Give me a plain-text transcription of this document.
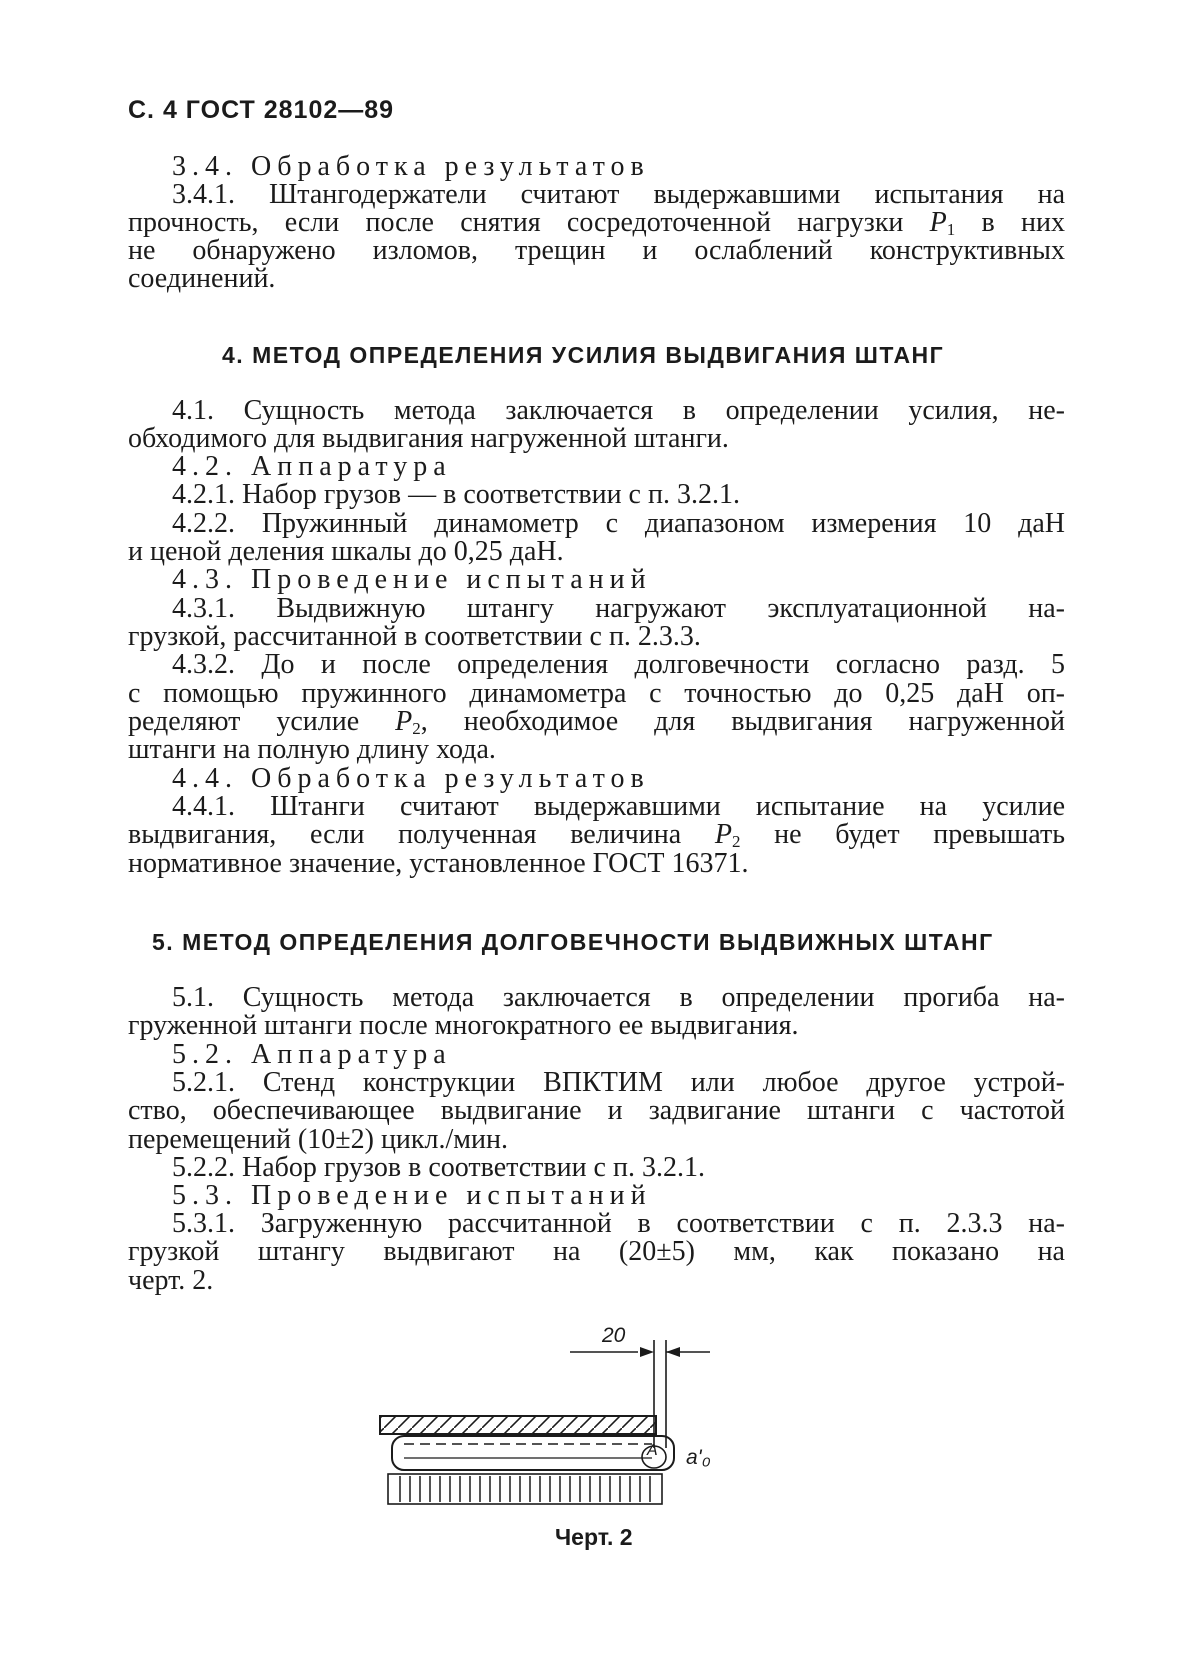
С. 4 ГОСТ 28102—89
3.4. Обработка результатов
3.4.1. Штангодержатели считают выдержавшими испытания на
прочность, если после снятия сосредоточенной нагрузки $P_1$ в них
не обнаружено изломов, трещин и ослаблений конструктивных
соединений.
4. МЕТОД ОПРЕДЕЛЕНИЯ УСИЛИЯ ВЫДВИГАНИЯ ШТАНГ
4.1. Сущность метода заключается в определении усилия, не-
обходимого для выдвигания нагруженной штанги.
4.2. Аппаратура
4.2.1. Набор грузов — в соответствии с п. 3.2.1.
4.2.2. Пружинный динамометр с диапазоном измерения 10 даН
и ценой деления шкалы до 0,25 даН.
4.3. Проведение испытаний
4.3.1. Выдвижную штангу нагружают эксплуатационной на-
грузкой, рассчитанной в соответствии с п. 2.3.3.
4.3.2. До и после определения долговечности согласно разд. 5
с помощью пружинного динамометра с точностью до 0,25 даН оп-
ределяют усилие $P_2$, необходимое для выдвигания нагруженной
штанги на полную длину хода.
4.4. Обработка результатов
4.4.1. Штанги считают выдержавшими испытание на усилие
выдвигания, если полученная величина $P_2$ не будет превышать
нормативное значение, установленное ГОСТ 16371.
5. МЕТОД ОПРЕДЕЛЕНИЯ ДОЛГОВЕЧНОСТИ ВЫДВИЖНЫХ ШТАНГ
5.1. Сущность метода заключается в определении прогиба на-
груженной штанги после многократного ее выдвигания.
5.2. Аппаратура
5.2.1. Стенд конструкции ВПКТИМ или любое другое устрой-
ство, обеспечивающее выдвигание и задвигание штанги с частотой
перемещений (10±2) цикл./мин.
5.2.2. Набор грузов в соответствии с п. 3.2.1.
5.3. Проведение испытаний
5.3.1. Загруженную рассчитанной в соответствии с п. 2.3.3 на-
грузкой штангу выдвигают на (20±5) мм, как показано на
черт. 2.
20
A a'₀
Черт. 2
